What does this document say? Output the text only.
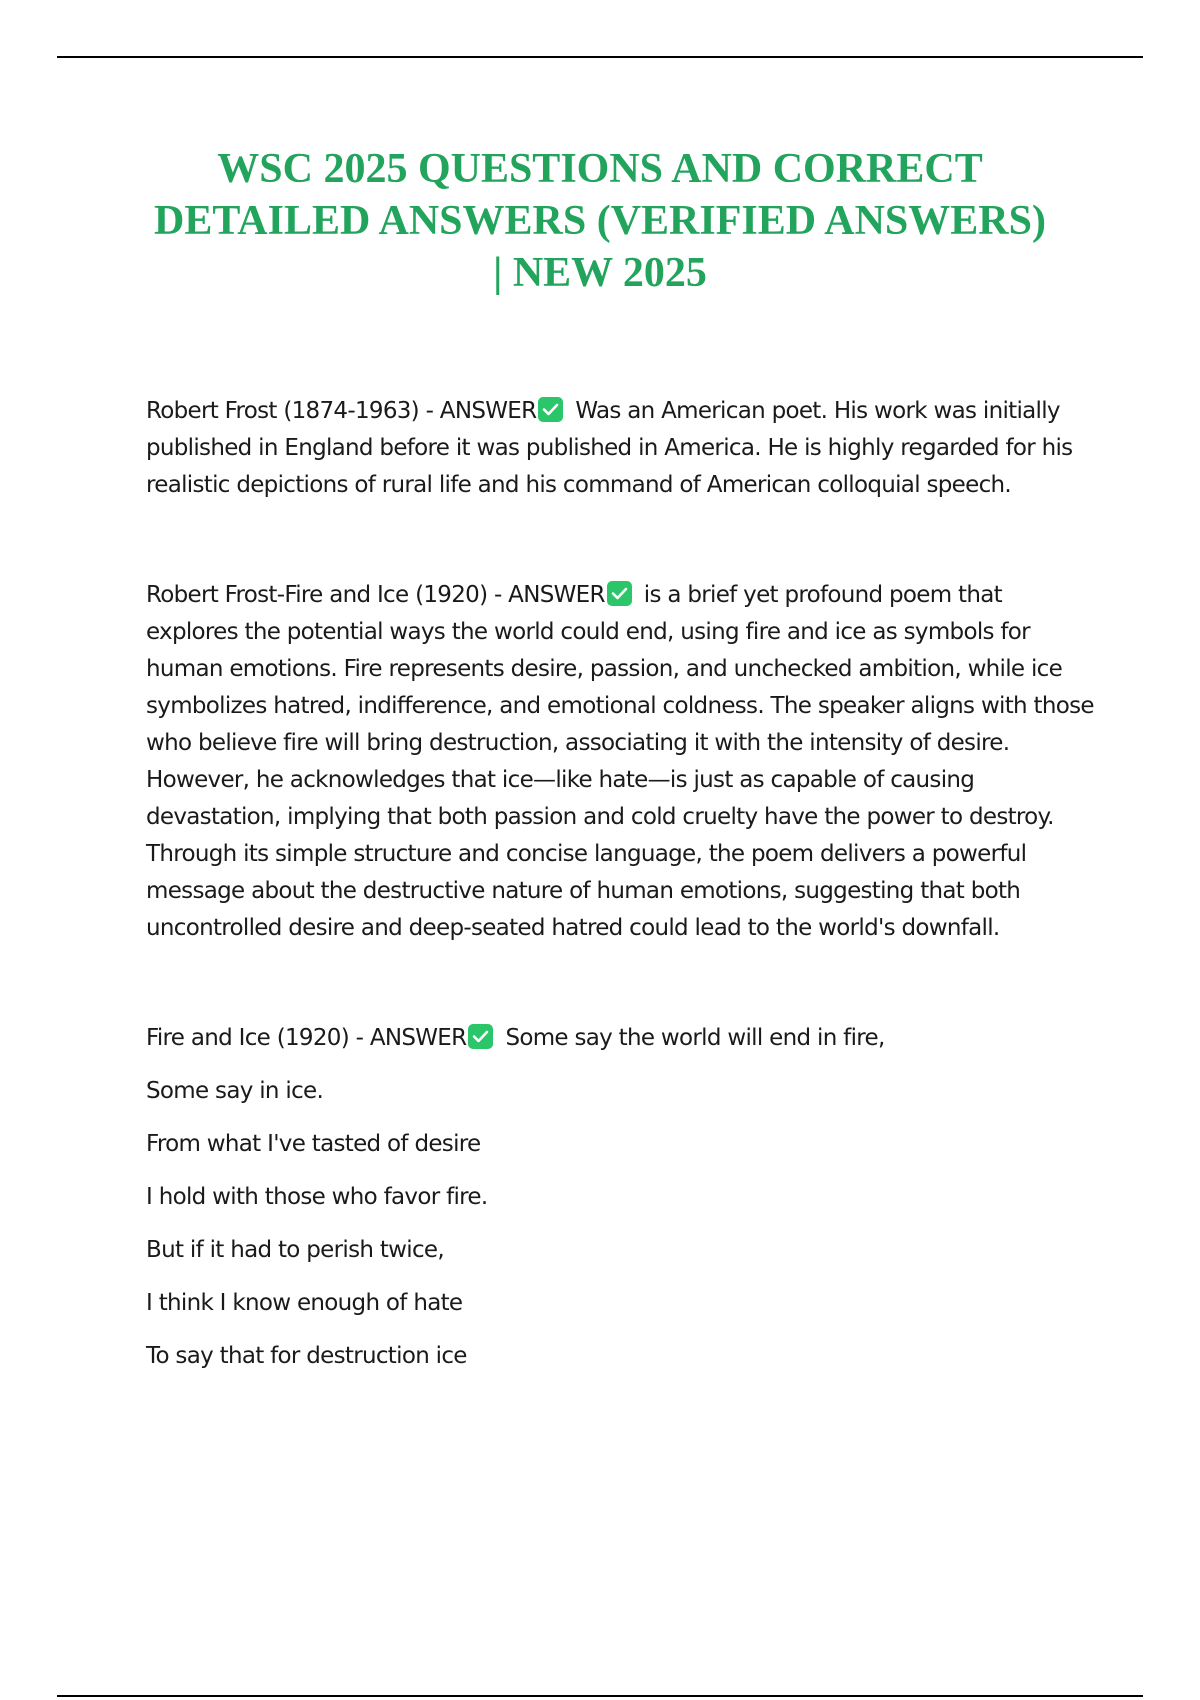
WSC 2025 QUESTIONS AND CORRECT
DETAILED ANSWERS (VERIFIED ANSWERS)
| NEW 2025

Robert Frost (1874-1963) - ANSWER Was an American poet. His work was initially published in England before it was published in America. He is highly regarded for his realistic depictions of rural life and his command of American colloquial speech.

Robert Frost-Fire and Ice (1920) - ANSWER is a brief yet profound poem that explores the potential ways the world could end, using fire and ice as symbols for human emotions. Fire represents desire, passion, and unchecked ambition, while ice symbolizes hatred, indifference, and emotional coldness. The speaker aligns with those who believe fire will bring destruction, associating it with the intensity of desire. However, he acknowledges that ice—like hate—is just as capable of causing devastation, implying that both passion and cold cruelty have the power to destroy. Through its simple structure and concise language, the poem delivers a powerful message about the destructive nature of human emotions, suggesting that both uncontrolled desire and deep-seated hatred could lead to the world's downfall.

Fire and Ice (1920) - ANSWER Some say the world will end in fire,

Some say in ice.

From what I've tasted of desire

I hold with those who favor fire.

But if it had to perish twice,

I think I know enough of hate

To say that for destruction ice
